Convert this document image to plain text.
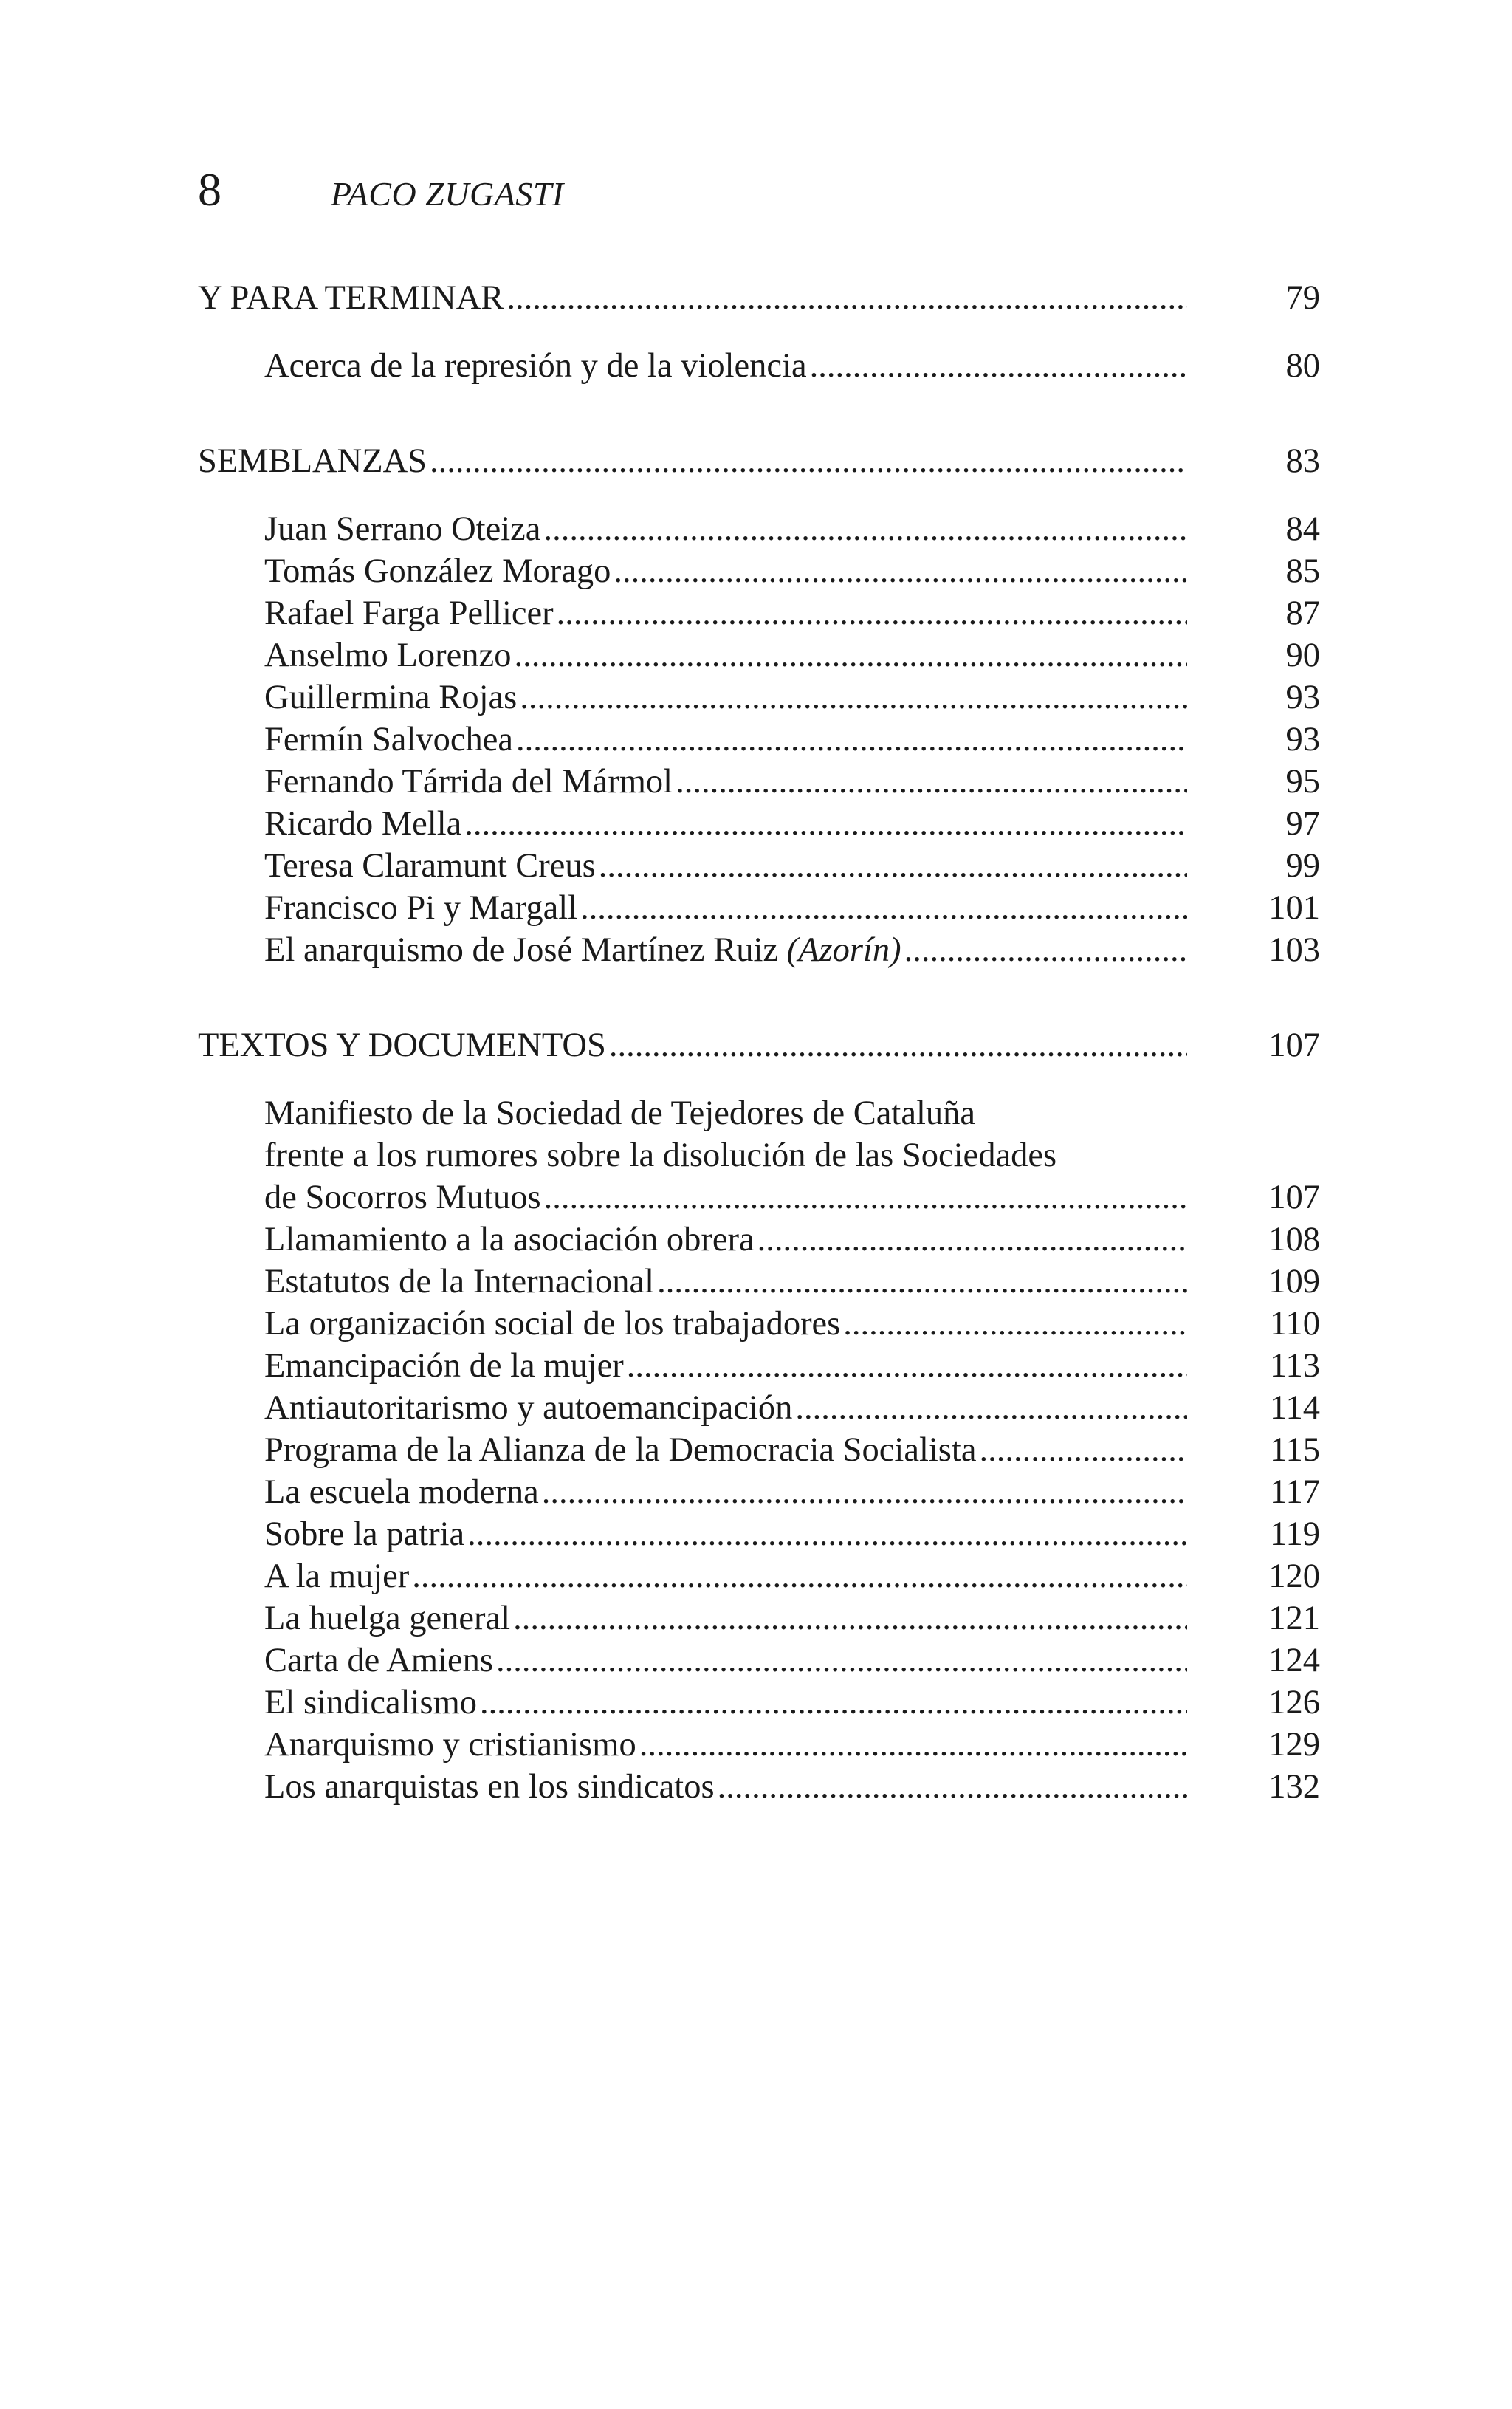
8	PACO ZUGASTI
Y PARA TERMINAR .....	79
Acerca de la represión y de la violencia .....	80
SEMBLANZAS .....	83
Juan Serrano Oteiza .....	84
Tomás González Morago .....	85
Rafael Farga Pellicer .....	87
Anselmo Lorenzo .....	90
Guillermina Rojas .....	93
Fermín Salvochea .....	93
Fernando Tárrida del Mármol .....	95
Ricardo Mella .....	97
Teresa Claramunt Creus .....	99
Francisco Pi y Margall .....	101
El anarquismo de José Martínez Ruiz (Azorín) .....	103
TEXTOS Y DOCUMENTOS .....	107
Manifiesto de la Sociedad de Tejedores de Cataluña
frente a los rumores sobre la disolución de las Sociedades
de Socorros Mutuos .....	107
Llamamiento a la asociación obrera .....	108
Estatutos de la Internacional .....	109
La organización social de los trabajadores .....	110
Emancipación de la mujer .....	113
Antiautoritarismo y autoemancipación .....	114
Programa de la Alianza de la Democracia Socialista .....	115
La escuela moderna .....	117
Sobre la patria .....	119
A la mujer .....	120
La huelga general .....	121
Carta de Amiens .....	124
El sindicalismo .....	126
Anarquismo y cristianismo .....	129
Los anarquistas en los sindicatos .....	132
